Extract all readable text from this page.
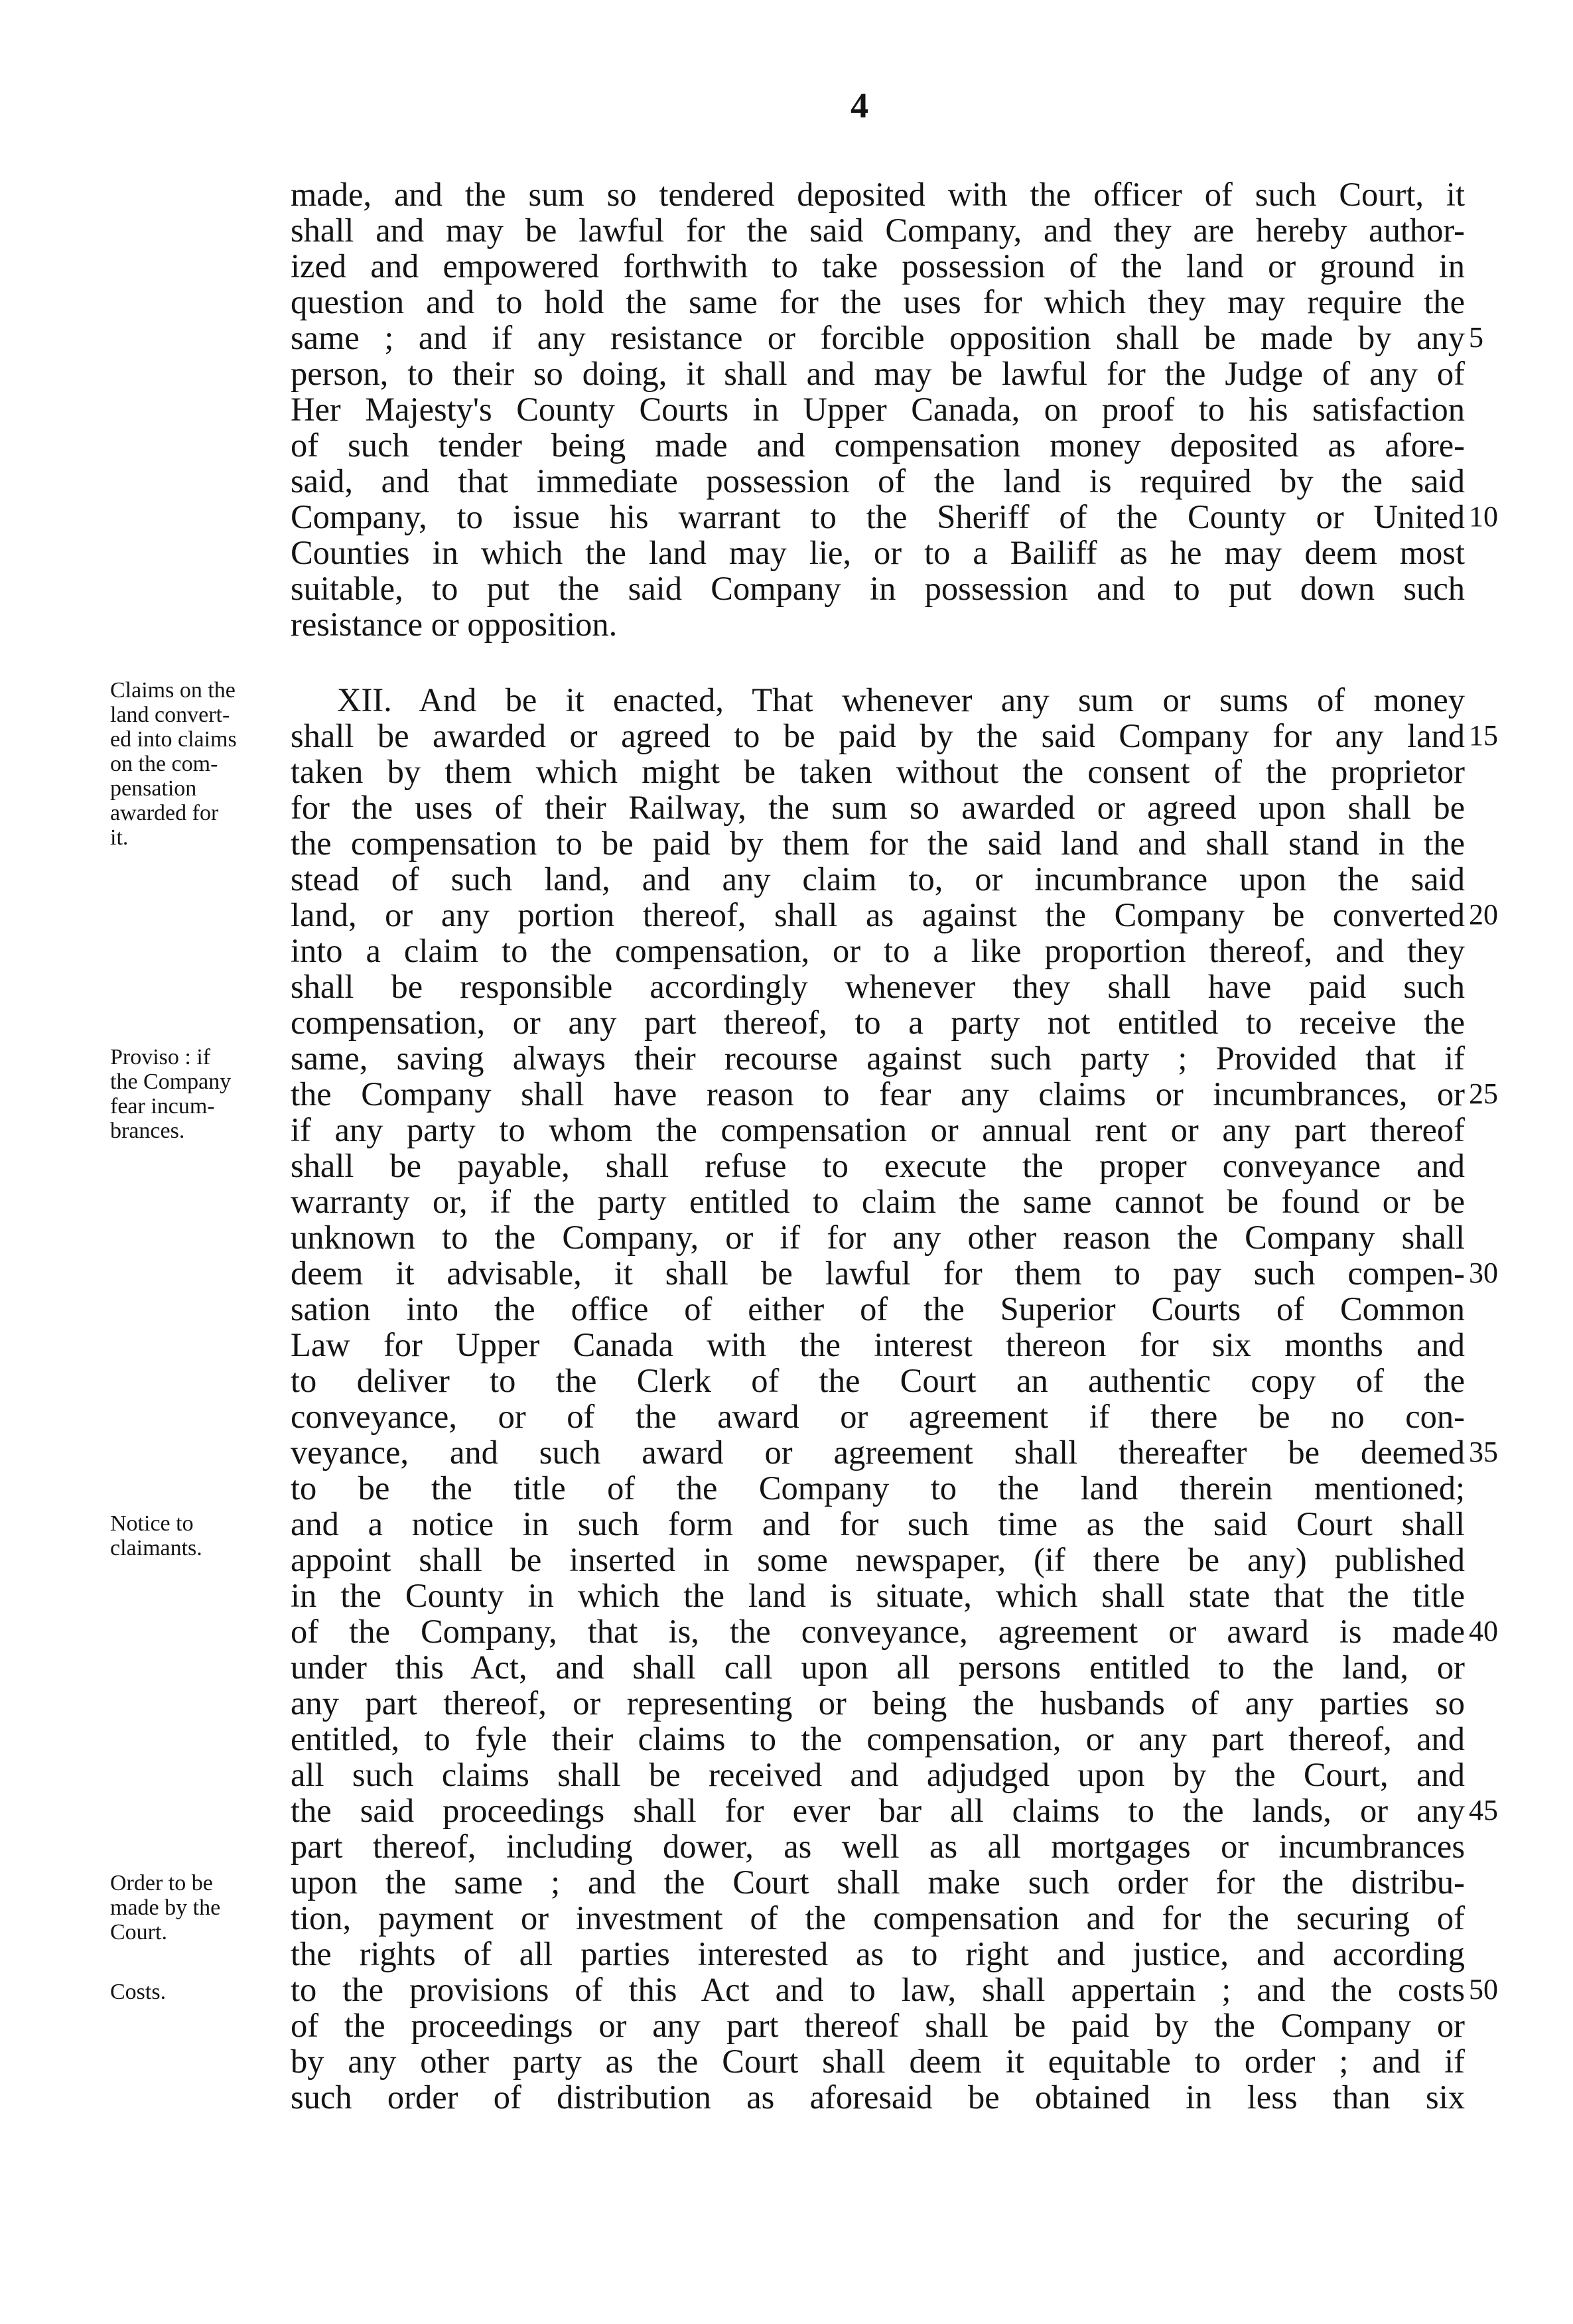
4
made, and the sum so tendered deposited with the officer of such Court, it
shall and may be lawful for the said Company, and they are hereby author-
ized and empowered forthwith to take possession of the land or ground in
question and to hold the same for the uses for which they may require the
same ; and if any resistance or forcible opposition shall be made by any
person, to their so doing, it shall and may be lawful for the Judge of any of
Her Majesty's County Courts in Upper Canada, on proof to his satisfaction
of such tender being made and compensation money deposited as afore-
said, and that immediate possession of the land is required by the said
Company, to issue his warrant to the Sheriff of the County or United
Counties in which the land may lie, or to a Bailiff as he may deem most
suitable, to put the said Company in possession and to put down such
resistance or opposition.
XII. And be it enacted, That whenever any sum or sums of money
shall be awarded or agreed to be paid by the said Company for any land
taken by them which might be taken without the consent of the proprietor
for the uses of their Railway, the sum so awarded or agreed upon shall be
the compensation to be paid by them for the said land and shall stand in the
stead of such land, and any claim to, or incumbrance upon the said
land, or any portion thereof, shall as against the Company be converted
into a claim to the compensation, or to a like proportion thereof, and they
shall be responsible accordingly whenever they shall have paid such
compensation, or any part thereof, to a party not entitled to receive the
same, saving always their recourse against such party ; Provided that if
the Company shall have reason to fear any claims or incumbrances, or
if any party to whom the compensation or annual rent or any part thereof
shall be payable, shall refuse to execute the proper conveyance and
warranty or, if the party entitled to claim the same cannot be found or be
unknown to the Company, or if for any other reason the Company shall
deem it advisable, it shall be lawful for them to pay such compen-
sation into the office of either of the Superior Courts of Common
Law for Upper Canada with the interest thereon for six months and
to deliver to the Clerk of the Court an authentic copy of the
conveyance, or of the award or agreement if there be no con-
veyance, and such award or agreement shall thereafter be deemed
to be the title of the Company to the land therein mentioned;
and a notice in such form and for such time as the said Court shall
appoint shall be inserted in some newspaper, (if there be any) published
in the County in which the land is situate, which shall state that the title
of the Company, that is, the conveyance, agreement or award is made
under this Act, and shall call upon all persons entitled to the land, or
any part thereof, or representing or being the husbands of any parties so
entitled, to fyle their claims to the compensation, or any part thereof, and
all such claims shall be received and adjudged upon by the Court, and
the said proceedings shall for ever bar all claims to the lands, or any
part thereof, including dower, as well as all mortgages or incumbrances
upon the same ; and the Court shall make such order for the distribu-
tion, payment or investment of the compensation and for the securing of
the rights of all parties interested as to right and justice, and according
to the provisions of this Act and to law, shall appertain ; and the costs
of the proceedings or any part thereof shall be paid by the Company or
by any other party as the Court shall deem it equitable to order ; and if
such order of distribution as aforesaid be obtained in less than six
5
10
15
20
25
30
35
40
45
50
Claims on the
land convert-
ed into claims
on the com-
pensation
awarded for
it.
Proviso : if
the Company
fear incum-
brances.
Notice to
claimants.
Order to be
made by the
Court.
Costs.
